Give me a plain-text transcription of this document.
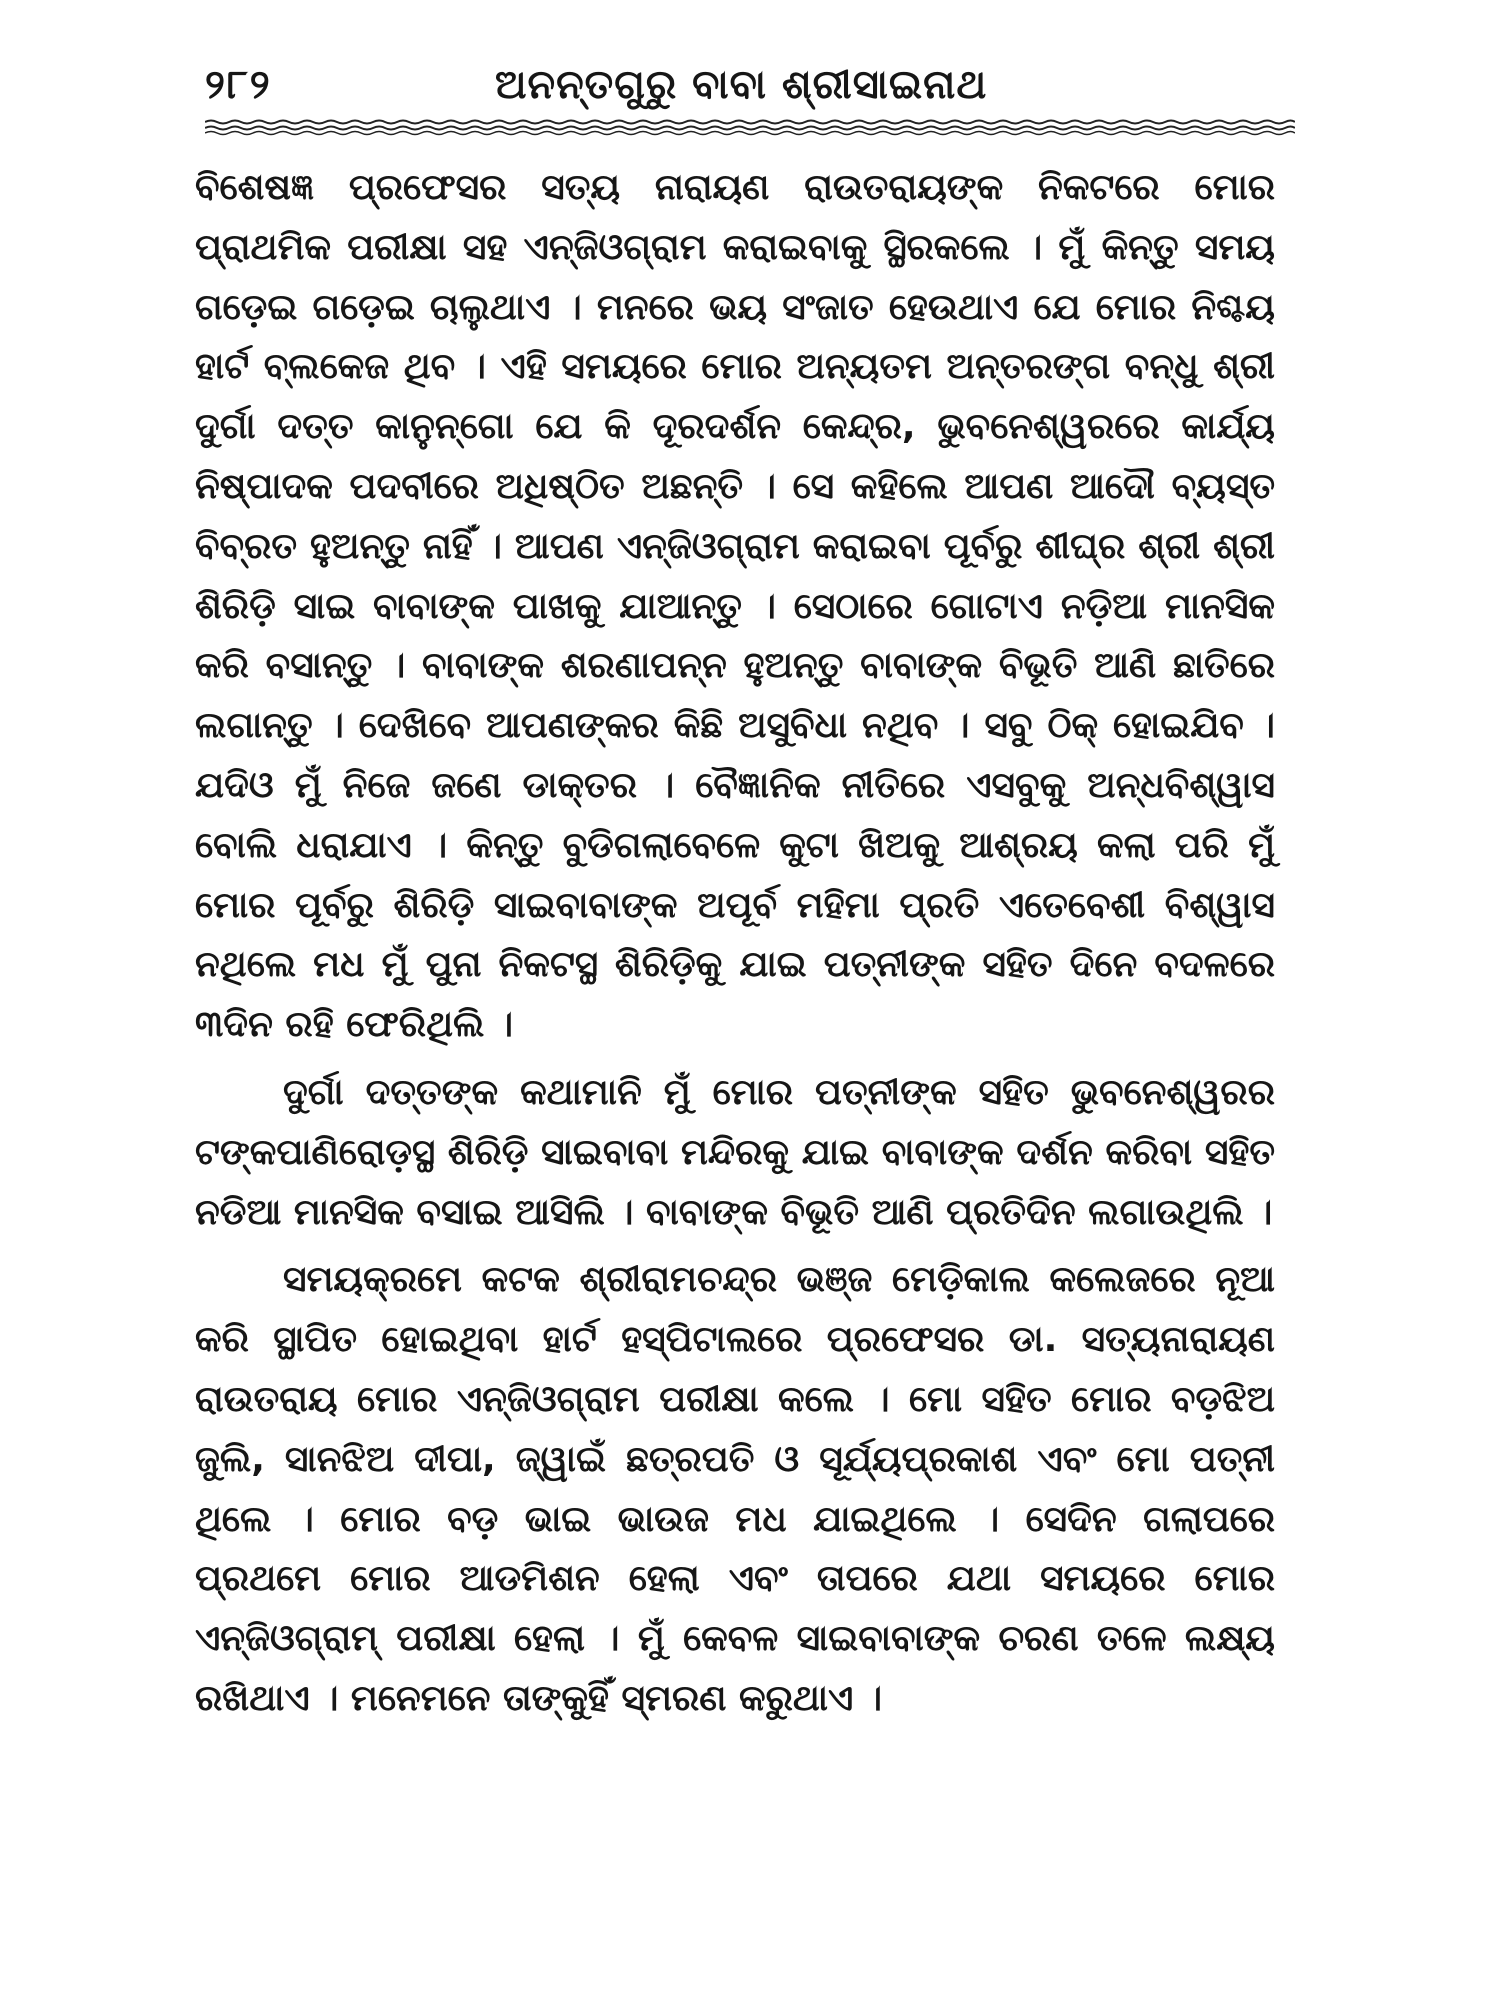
୨୮୨	ଅନନ୍ତଗୁରୁ ବାବା ଶ୍ରୀସାଇନାଥ

ବିଶେଷଜ୍ଞ ପ୍ରଫେସର ସତ୍ୟ ନାରାୟଣ ରାଉତରାୟଙ୍କ ନିକଟରେ ମୋର ପ୍ରାଥମିକ ପରୀକ୍ଷା ସହ ଏନ୍‌ଜିଓଗ୍ରାମ କରାଇବାକୁ ସ୍ଥିରକଲେ । ମୁଁ କିନ୍ତୁ ସମୟ ଗଡ଼େଇ ଗଡ଼େଇ ଚାଲୁଥାଏ । ମନରେ ଭୟ ସଂଜାତ ହେଉଥାଏ ଯେ ମୋର ନିଶ୍ଚୟ ହାର୍ଟ ବ୍ଲକେଜ ଥିବ । ଏହି ସମୟରେ ମୋର ଅନ୍ୟତମ ଅନ୍ତରଙ୍ଗ ବନ୍ଧୁ ଶ୍ରୀ ଦୁର୍ଗା ଦତ୍ତ କାନୁନ୍‌ଗୋ ଯେ କି ଦୂରଦର୍ଶନ କେନ୍ଦ୍ର, ଭୁବନେଶ୍ୱରରେ କାର୍ଯ୍ୟ ନିଷ୍ପାଦକ ପଦବୀରେ ଅଧିଷ୍ଠିତ ଅଛନ୍ତି । ସେ କହିଲେ ଆପଣ ଆଦୌ ବ୍ୟସ୍ତ ବିବ୍ରତ ହୁଅନ୍ତୁ ନାହିଁ । ଆପଣ ଏନ୍‌ଜିଓଗ୍ରାମ କରାଇବା ପୂର୍ବରୁ ଶୀଘ୍ର ଶ୍ରୀ ଶ୍ରୀ ଶିରିଡ଼ି ସାଇ ବାବାଙ୍କ ପାଖକୁ ଯାଆନ୍ତୁ । ସେଠାରେ ଗୋଟାଏ ନଡ଼ିଆ ମାନସିକ କରି ବସାନ୍ତୁ । ବାବାଙ୍କ ଶରଣାପନ୍ନ ହୁଅନ୍ତୁ ବାବାଙ୍କ ବିଭୂତି ଆଣି ଛାତିରେ ଲଗାନ୍ତୁ । ଦେଖିବେ ଆପଣଙ୍କର କିଛି ଅସୁବିଧା ନଥିବ । ସବୁ ଠିକ୍ ହୋଇଯିବ । ଯଦିଓ ମୁଁ ନିଜେ ଜଣେ ଡାକ୍ତର । ବୈଜ୍ଞାନିକ ନୀତିରେ ଏସବୁକୁ ଅନ୍ଧବିଶ୍ୱାସ ବୋଲି ଧରାଯାଏ । କିନ୍ତୁ ବୁଡିଗଲାବେଳେ କୁଟା ଖିଅକୁ ଆଶ୍ରୟ କଲା ପରି ମୁଁ ମୋର ପୂର୍ବରୁ ଶିରିଡ଼ି ସାଇବାବାଙ୍କ ଅପୂର୍ବ ମହିମା ପ୍ରତି ଏତେବେଶୀ ବିଶ୍ୱାସ ନଥିଲେ ମଧ ମୁଁ ପୁନା ନିକଟସ୍ଥ ଶିରିଡ଼ିକୁ ଯାଇ ପତ୍ନୀଙ୍କ ସହିତ ଦିନେ ବଦଳରେ ୩ଦିନ ରହି ଫେରିଥିଲି ।

ଦୁର୍ଗା ଦତ୍ତଙ୍କ କଥାମାନି ମୁଁ ମୋର ପତ୍ନୀଙ୍କ ସହିତ ଭୁବନେଶ୍ୱରର ଟଙ୍କପାଣିରୋଡ଼ସ୍ଥ ଶିରିଡ଼ି ସାଇବାବା ମନ୍ଦିରକୁ ଯାଇ ବାବାଙ୍କ ଦର୍ଶନ କରିବା ସହିତ ନଡିଆ ମାନସିକ ବସାଇ ଆସିଲି । ବାବାଙ୍କ ବିଭୂତି ଆଣି ପ୍ରତିଦିନ ଲଗାଉଥିଲି ।

ସମୟକ୍ରମେ କଟକ ଶ୍ରୀରାମଚନ୍ଦ୍ର ଭଞ୍ଜ ମେଡ଼ିକାଲ କଲେଜରେ ନୂଆ କରି ସ୍ଥାପିତ ହୋଇଥିବା ହାର୍ଟ ହସ୍‌ପିଟାଲରେ ପ୍ରଫେସର ଡା. ସତ୍ୟନାରାୟଣ ରାଉତରାୟ ମୋର ଏନ୍‌ଜିଓଗ୍ରାମ ପରୀକ୍ଷା କଲେ । ମୋ ସହିତ ମୋର ବଡ଼ଝିଅ ଜୁଲି, ସାନଝିଅ ଦୀପା, ଜ୍ୱାଇଁ ଛତ୍ରପତି ଓ ସୂର୍ଯ୍ୟପ୍ରକାଶ ଏବଂ ମୋ ପତ୍ନୀ ଥିଲେ । ମୋର ବଡ଼ ଭାଇ ଭାଉଜ ମଧ ଯାଇଥିଲେ । ସେଦିନ ଗଲାପରେ ପ୍ରଥମେ ମୋର ଆଡମିଶନ ହେଲା ଏବଂ ତାପରେ ଯଥା ସମୟରେ ମୋର ଏନ୍‌ଜିଓଗ୍ରାମ୍ ପରୀକ୍ଷା ହେଲା । ମୁଁ କେବଳ ସାଇବାବାଙ୍କ ଚରଣ ତଳେ ଲକ୍ଷ୍ୟ ରଖିଥାଏ । ମନେମନେ ତାଙ୍କୁହିଁ ସ୍ମରଣ କରୁଥାଏ ।
